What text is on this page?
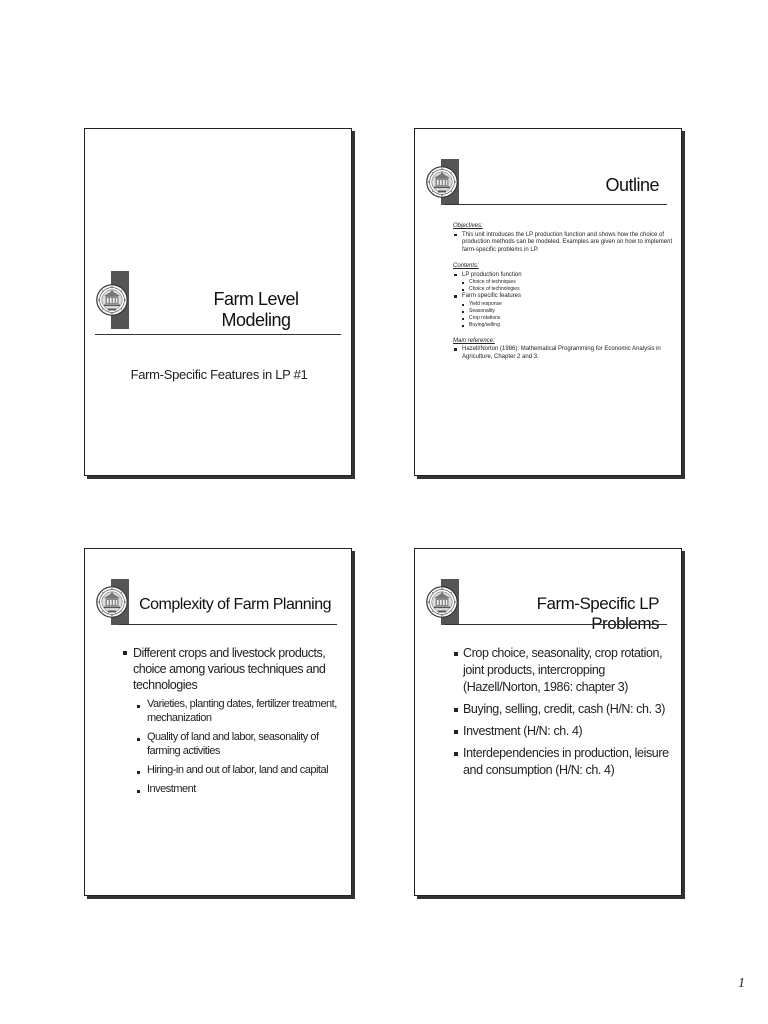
Farm Level Modeling
Farm-Specific Features in LP #1
Outline
Objectives:
This unit introduces the LP production function and shows how the choice of production methods can be modeled. Examples are given on how to implement farm-specific problems in LP.
Contents:
LP production function
Choice of techniques
Choice of technologies
Farm specific features
Yield response
Seasonality
Crop rotations
Buying/selling
Main reference:
Hazell/Norton (1986): Mathematical Programming for Economic Analysis in Agriculture, Chapter 2 and 3.
Complexity of Farm Planning
Different crops and livestock products, choice among various techniques and technologies
Varieties, planting dates, fertilizer treatment, mechanization
Quality of land and labor, seasonality of farming activities
Hiring-in and out of labor, land and capital
Investment
Farm-Specific LP Problems
Crop choice, seasonality, crop rotation, joint products, intercropping (Hazell/Norton, 1986: chapter 3)
Buying, selling, credit, cash (H/N: ch. 3)
Investment (H/N: ch. 4)
Interdependencies in production, leisure and consumption (H/N: ch. 4)
1
